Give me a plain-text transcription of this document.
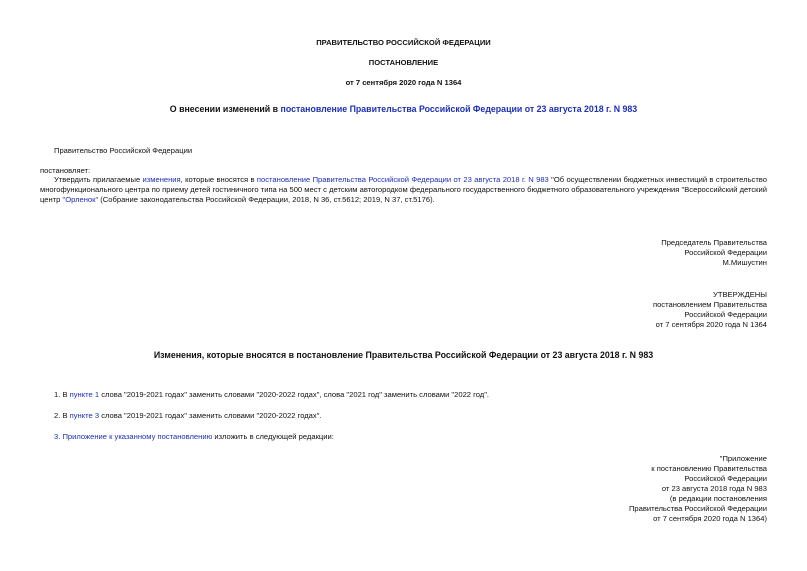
ПРАВИТЕЛЬСТВО РОССИЙСКОЙ ФЕДЕРАЦИИ
ПОСТАНОВЛЕНИЕ
от 7 сентября 2020 года N 1364
О внесении изменений в постановление Правительства Российской Федерации от 23 августа 2018 г. N 983
Правительство Российской Федерации
постановляет:
Утвердить прилагаемые изменения, которые вносятся в постановление Правительства Российской Федерации от 23 августа 2018 г. N 983 "Об осуществлении бюджетных инвестиций в строительство многофункционального центра по приему детей гостиничного типа на 500 мест с детским автогородком федерального государственного бюджетного образовательного учреждения "Всероссийский детский центр "Орленок" (Собрание законодательства Российской Федерации, 2018, N 36, ст.5612; 2019, N 37, ст.5176).
Председатель Правительства
Российской Федерации
М.Мишустин
УТВЕРЖДЕНЫ
постановлением Правительства
Российской Федерации
от 7 сентября 2020 года N 1364
Изменения, которые вносятся в постановление Правительства Российской Федерации от 23 августа 2018 г. N 983
1. В пункте 1 слова "2019-2021 годах" заменить словами "2020-2022 годах", слова "2021 год" заменить словами "2022 год".
2. В пункте 3 слова "2019-2021 годах" заменить словами "2020-2022 годах".
3. Приложение к указанному постановлению изложить в следующей редакции:
"Приложение
к постановлению Правительства
Российской Федерации
от 23 августа 2018 года N 983
(в редакции постановления
Правительства Российской Федерации
от 7 сентября 2020 года N 1364)
